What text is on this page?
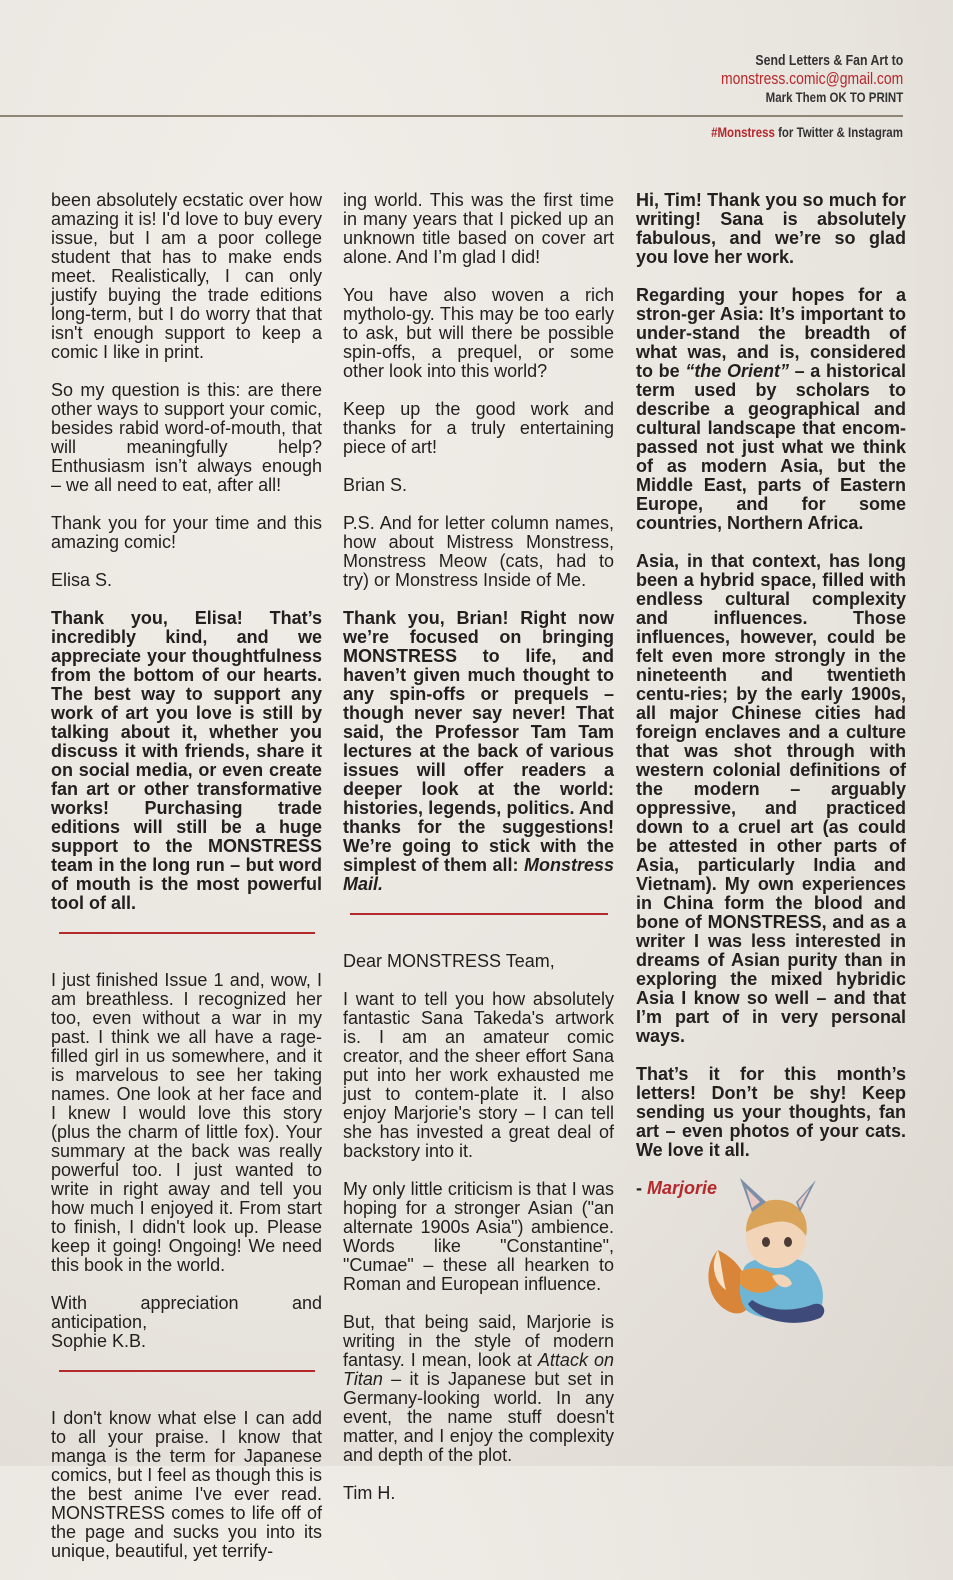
Send Letters & Fan Art to
monstress.comic@gmail.com
Mark Them OK TO PRINT
#Monstress for Twitter & Instagram

been absolutely ecstatic over how amazing it is! I'd love to buy every issue, but I am a poor college student that has to make ends meet. Realistically, I can only justify buying the trade editions long-term, but I do worry that that isn't enough support to keep a comic I like in print.

So my question is this: are there other ways to support your comic, besides rabid word-of-mouth, that will meaningfully help? Enthusiasm isn’t always enough – we all need to eat, after all!

Thank you for your time and this amazing comic!

Elisa S.

Thank you, Elisa! That’s incredibly kind, and we appreciate your thoughtfulness from the bottom of our hearts. The best way to support any work of art you love is still by talking about it, whether you discuss it with friends, share it on social media, or even create fan art or other transformative works! Purchasing trade editions will still be a huge support to the MONSTRESS team in the long run – but word of mouth is the most powerful tool of all.

I just finished Issue 1 and, wow, I am breathless. I recognized her too, even without a war in my past. I think we all have a rage-filled girl in us somewhere, and it is marvelous to see her taking names. One look at her face and I knew I would love this story (plus the charm of little fox). Your summary at the back was really powerful too. I just wanted to write in right away and tell you how much I enjoyed it. From start to finish, I didn't look up. Please keep it going! Ongoing! We need this book in the world.

With appreciation and anticipation,
Sophie K.B.

I don't know what else I can add to all your praise. I know that manga is the term for Japanese comics, but I feel as though this is the best anime I've ever read. MONSTRESS comes to life off of the page and sucks you into its unique, beautiful, yet terrify-

ing world. This was the first time in many years that I picked up an unknown title based on cover art alone. And I’m glad I did!

You have also woven a rich mytholo-gy. This may be too early to ask, but will there be possible spin-offs, a prequel, or some other look into this world?

Keep up the good work and thanks for a truly entertaining piece of art!

Brian S.

P.S. And for letter column names, how about Mistress Monstress, Monstress Meow (cats, had to try) or Monstress Inside of Me.

Thank you, Brian! Right now we’re focused on bringing MONSTRESS to life, and haven’t given much thought to any spin-offs or prequels – though never say never! That said, the Professor Tam Tam lectures at the back of various issues will offer readers a deeper look at the world: histories, legends, politics. And thanks for the suggestions! We’re going to stick with the simplest of them all: Monstress Mail.

Dear MONSTRESS Team,

I want to tell you how absolutely fantastic Sana Takeda's artwork is. I am an amateur comic creator, and the sheer effort Sana put into her work exhausted me just to contem-plate it. I also enjoy Marjorie's story – I can tell she has invested a great deal of backstory into it.

My only little criticism is that I was hoping for a stronger Asian ("an alternate 1900s Asia") ambience. Words like "Constantine", "Cumae" – these all hearken to Roman and European influence.

But, that being said, Marjorie is writing in the style of modern fantasy. I mean, look at Attack on Titan – it is Japanese but set in Germany-looking world. In any event, the name stuff doesn't matter, and I enjoy the complexity and depth of the plot.

Tim H.

Hi, Tim! Thank you so much for writing! Sana is absolutely fabulous, and we’re so glad you love her work.

Regarding your hopes for a stron-ger Asia: It’s important to under-stand the breadth of what was, and is, considered to be “the Orient” – a historical term used by scholars to describe a geographical and cultural landscape that encom-passed not just what we think of as modern Asia, but the Middle East, parts of Eastern Europe, and for some countries, Northern Africa.

Asia, in that context, has long been a hybrid space, filled with endless cultural complexity and influences. Those influences, however, could be felt even more strongly in the nineteenth and twentieth centu-ries; by the early 1900s, all major Chinese cities had foreign enclaves and a culture that was shot through with western colonial definitions of the modern – arguably oppressive, and practiced down to a cruel art (as could be attested in other parts of Asia, particularly India and Vietnam). My own experiences in China form the blood and bone of MONSTRESS, and as a writer I was less interested in dreams of Asian purity than in exploring the mixed hybridic Asia I know so well – and that I’m part of in very personal ways.

That’s it for this month’s letters! Don’t be shy! Keep sending us your thoughts, fan art – even photos of your cats. We love it all.

- Marjorie
